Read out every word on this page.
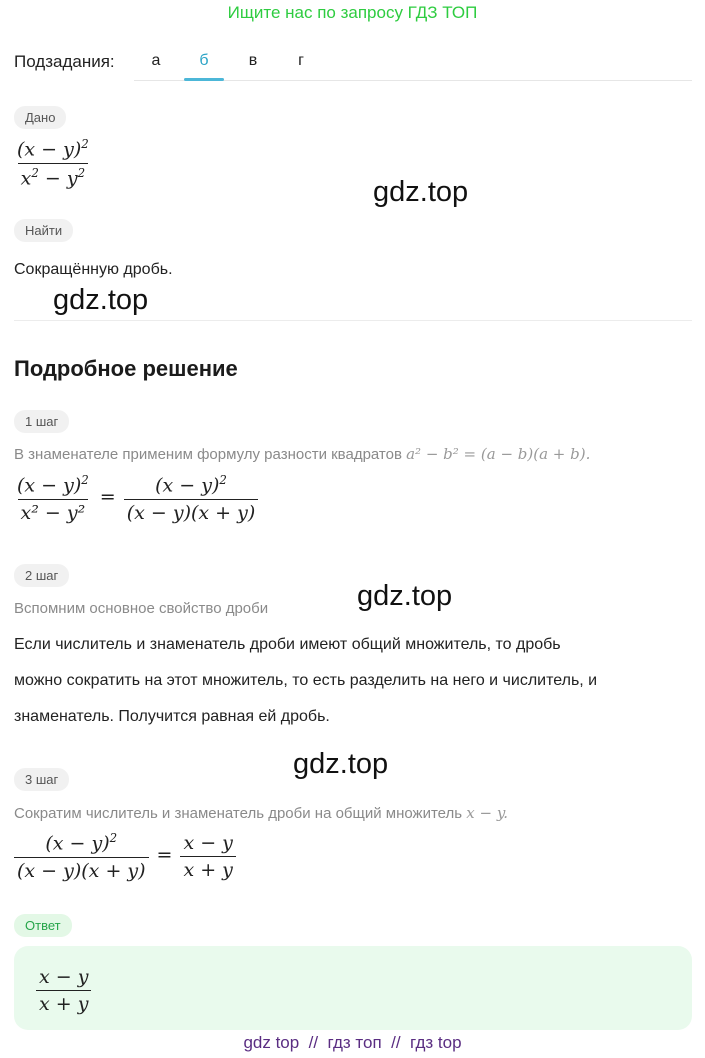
Ищите нас по запросу ГДЗ ТОП
Подзадания:	а	б	в	г
Дано
$\frac{(x - y)^2}{x^2 - y^2}$
gdz.top
Найти
Сокращённую дробь.
gdz.top
Подробное решение
1 шаг
В знаменателе применим формулу разности квадратов a² − b² = (a − b)(a + b).
$\frac{(x - y)^2}{\text{x² − y²}} = \frac{(x - y)^2}{(x - y)(x + y)}$
2 шаг
Вспомним основное свойство дроби	gdz.top
Если числитель и знаменатель дроби имеют общий множитель, то дробь
можно сократить на этот множитель, то есть разделить на него и числитель, и
знаменатель. Получится равная ей дробь.
3 шаг	gdz.top
Сократим числитель и знаменатель дроби на общий множитель x − y.
$\frac{(x - y)^2}{(x - y)(x + y)} = \frac{x - y}{x + y}$
Ответ
$\frac{x - y}{x + y}$
gdz top  //  гдз топ  //  гдз top
